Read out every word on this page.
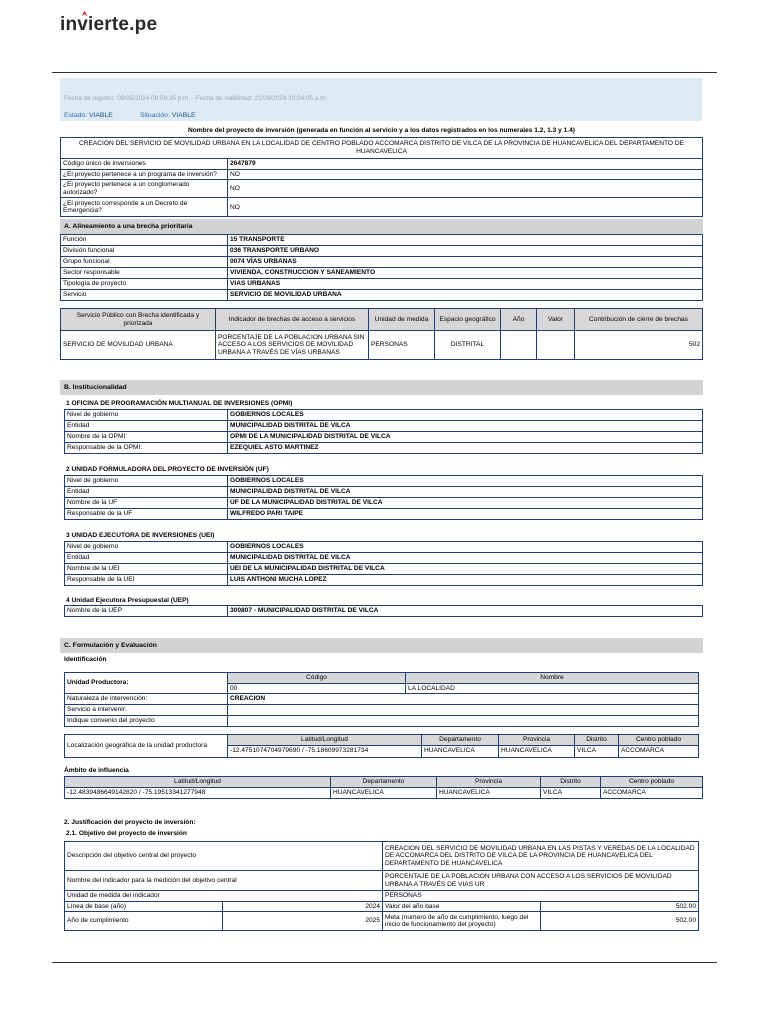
invierte.pe
Fecha de registro: 08/05/2024 08:59:35 p.m. - Fecha de viabilidad: 21/09/2024 10:04:05 a.m.
Estado: VIABLE	Situación: VIABLE
Nombre del proyecto de inversión (generada en función al servicio y a los datos registrados en los numerales 1.2, 1.3 y 1.4)
CREACION DEL SERVICIO DE MOVILIDAD URBANA EN LA LOCALIDAD DE CENTRO POBLADO ACCOMARCA DISTRITO DE VILCA DE LA PROVINCIA DE HUANCAVELICA DEL DEPARTAMENTO DE HUANCAVELICA	
Código único de inversiones	2647879
¿El proyecto pertenece a un programa de inversión?	NO
¿El proyecto pertenece a un conglomerado autorizado?	NO
¿El proyecto corresponde a un Decreto de Emergencia?	NO
A. Alineamiento a una brecha prioritaria
Función	15 TRANSPORTE
División funcional	036 TRANSPORTE URBANO
Grupo funcional	0074 VÍAS URBANAS
Sector responsable	VIVIENDA, CONSTRUCCION Y SANEAMIENTO
Tipología de proyecto	VIAS URBANAS
Servicio	SERVICIO DE MOVILIDAD URBANA
Servicio Público con Brecha identificada y priorizada	Indicador de brechas de acceso a servicios	Unidad de medida	Espacio geográfico	Año	Valor	Contribución de cierre de brechas
SERVICIO DE MOVILIDAD URBANA	PORCENTAJE DE LA POBLACION URBANA SIN ACCESO A LOS SERVICIOS DE MOVILIDAD URBANA A TRAVÉS DE VÍAS URBANAS	PERSONAS	DISTRITAL			502
B. Institucionalidad
1 OFICINA DE PROGRAMACIÓN MULTIANUAL DE INVERSIONES (OPMI)
Nivel de gobierno	GOBIERNOS LOCALES
Entidad	MUNICIPALIDAD DISTRITAL DE VILCA
Nombre de la OPMI:	OPMI DE LA MUNICIPALIDAD DISTRITAL DE VILCA
Responsable de la OPMI:	EZEQUIEL ASTO MARTINEZ
2 UNIDAD FORMULADORA DEL PROYECTO DE INVERSIÓN (UF)
Nivel de gobierno	GOBIERNOS LOCALES
Entidad	MUNICIPALIDAD DISTRITAL DE VILCA
Nombre de la UF	UF DE LA MUNICIPALIDAD DISTRITAL DE VILCA
Responsable de la UF	WILFREDO PARI TAIPE
3 UNIDAD EJECUTORA DE INVERSIONES (UEI)
Nivel de gobierno	GOBIERNOS LOCALES
Entidad	MUNICIPALIDAD DISTRITAL DE VILCA
Nombre de la UEI	UEI DE LA MUNICIPALIDAD DISTRITAL DE VILCA
Responsable de la UEI	LUIS ANTHONI MUCHA LOPEZ
4 Unidad Ejecutora Presupuestal (UEP)
Nombre de la UEP	300807 - MUNICIPALIDAD DISTRITAL DE VILCA
C. Formulación y Evaluación
Identificación
Unidad Productora:	Código	Nombre
	00	LA LOCALIDAD
Naturaleza de intervención:	CREACION	
Servicio a intervenir:		
Indique convenio del proyecto		
Localización geográfica de la unidad productora	Latitud/Longitud	Departamento	Provincia	Distrito	Centro poblado
	-12.4751074704979690 / -75.18609973281734	HUANCAVELICA	HUANCAVELICA	VILCA	ACCOMARCA
Ámbito de influencia
Latitud/Longitud	Departamento	Provincia	Distrito	Centro poblado
-12.4839486649142820 / -75.19513341277948	HUANCAVELICA	HUANCAVELICA	VILCA	ACCOMARCA
2. Justificación del proyecto de inversión:
2.1. Objetivo del proyecto de inversión
Descripción del objetivo central del proyecto		CREACION DEL SERVICIO DE MOVILIDAD URBANA EN LAS PISTAS Y VEREDAS DE LA LOCALIDAD DE ACCOMARCA DEL DISTRITO DE VILCA DE LA PROVINCIA DE HUANCAVELICA DEL DEPARTAMENTO DE HUANCAVELICA	
Nombre del indicador para la medición del objetivo central		PORCENTAJE DE LA POBLACION URBANA CON ACCESO A LOS SERVICIOS DE MOVILIDAD URBANA A TRAVÉS DE VIAS UR	
Unidad de medida del indicador		PERSONAS	
Línea de base (año)	2024	Valor del año base	502.00
Año de cumplimiento	2025	Meta (numero de año de cumplimiento, luego del inicio de funcionamiento del proyecto)	502.00
